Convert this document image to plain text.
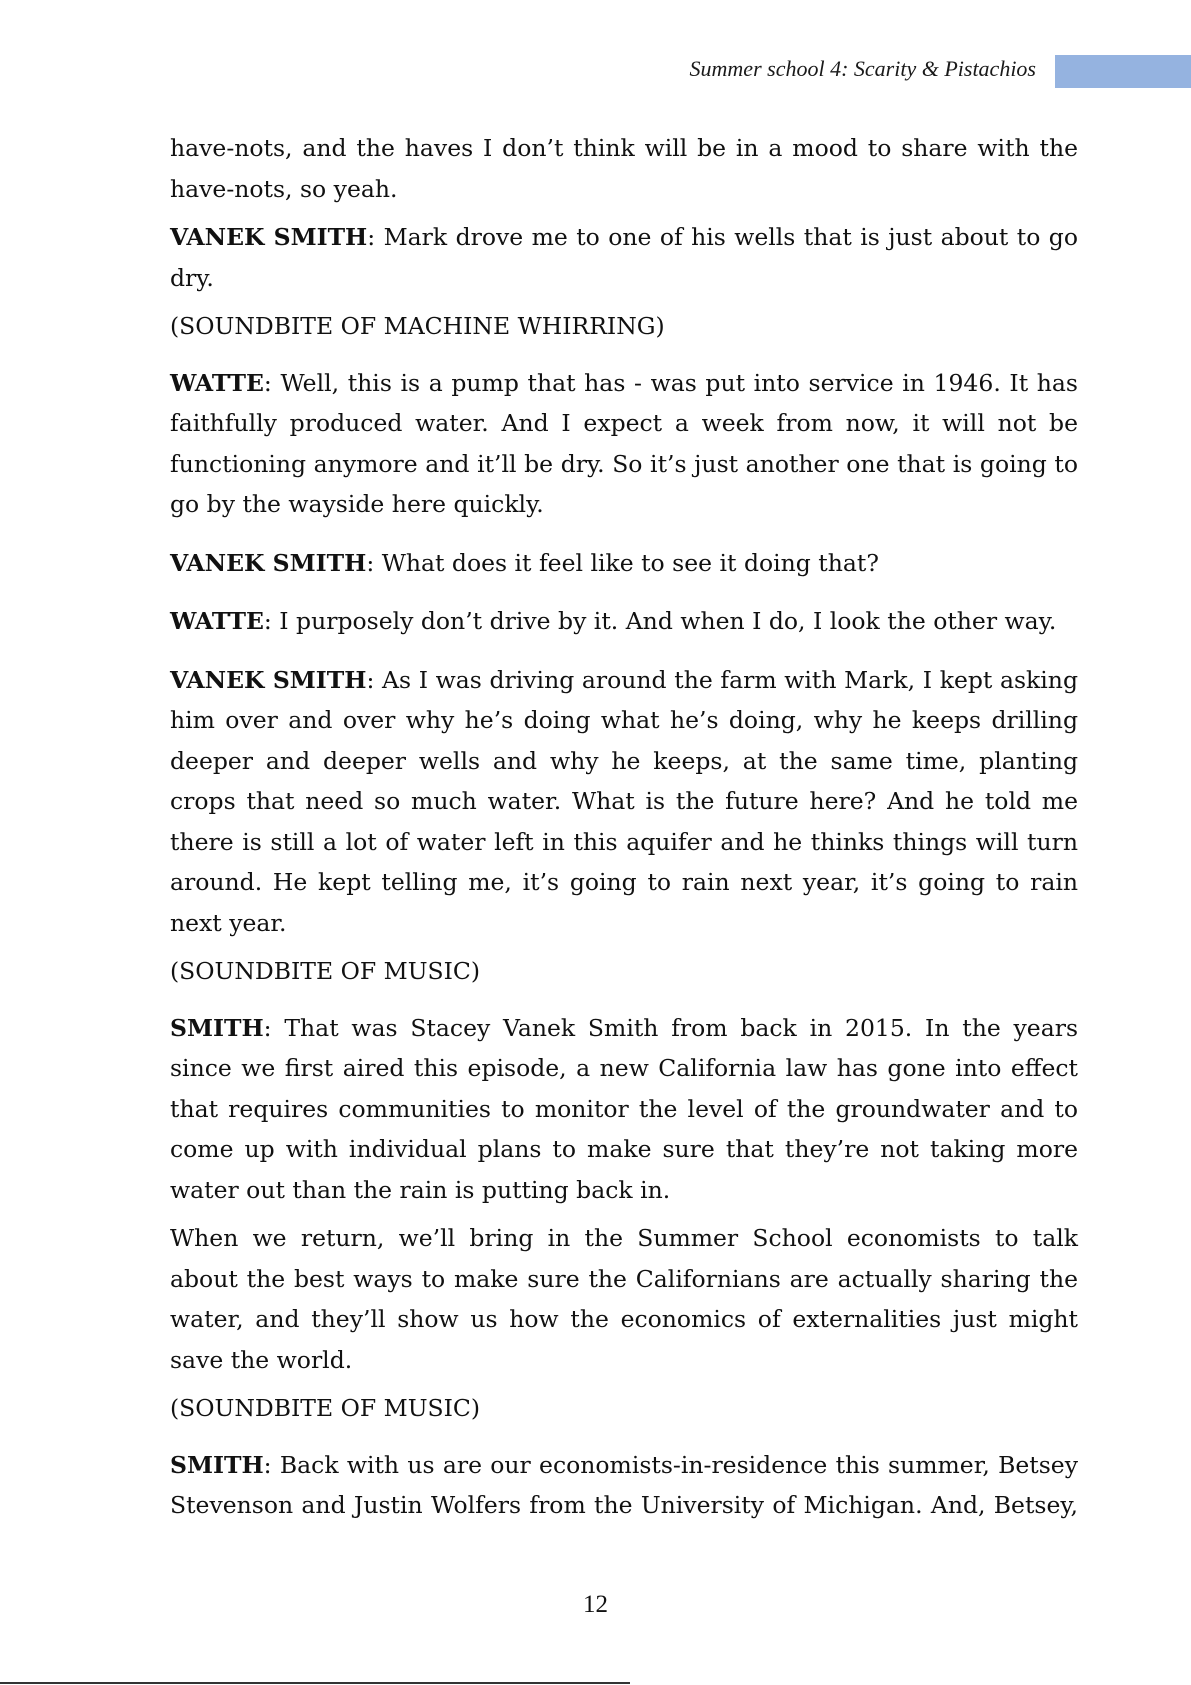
Summer school 4: Scarity & Pistachios

have-nots, and the haves I don’t think will be in a mood to share with the have-nots, so yeah.

VANEK SMITH: Mark drove me to one of his wells that is just about to go dry.

(SOUNDBITE OF MACHINE WHIRRING)

WATTE: Well, this is a pump that has - was put into service in 1946. It has faithfully produced water. And I expect a week from now, it will not be functioning anymore and it’ll be dry. So it’s just another one that is going to go by the wayside here quickly.

VANEK SMITH: What does it feel like to see it doing that?

WATTE: I purposely don’t drive by it. And when I do, I look the other way.

VANEK SMITH: As I was driving around the farm with Mark, I kept asking him over and over why he’s doing what he’s doing, why he keeps drilling deeper and deeper wells and why he keeps, at the same time, planting crops that need so much water. What is the future here? And he told me there is still a lot of water left in this aquifer and he thinks things will turn around. He kept telling me, it’s going to rain next year, it’s going to rain next year.

(SOUNDBITE OF MUSIC)

SMITH: That was Stacey Vanek Smith from back in 2015. In the years since we first aired this episode, a new California law has gone into effect that requires communities to monitor the level of the groundwater and to come up with individual plans to make sure that they’re not taking more water out than the rain is putting back in.

When we return, we’ll bring in the Summer School economists to talk about the best ways to make sure the Californians are actually sharing the water, and they’ll show us how the economics of externalities just might save the world.

(SOUNDBITE OF MUSIC)

SMITH: Back with us are our economists-in-residence this summer, Betsey Stevenson and Justin Wolfers from the University of Michigan. And, Betsey,

12
